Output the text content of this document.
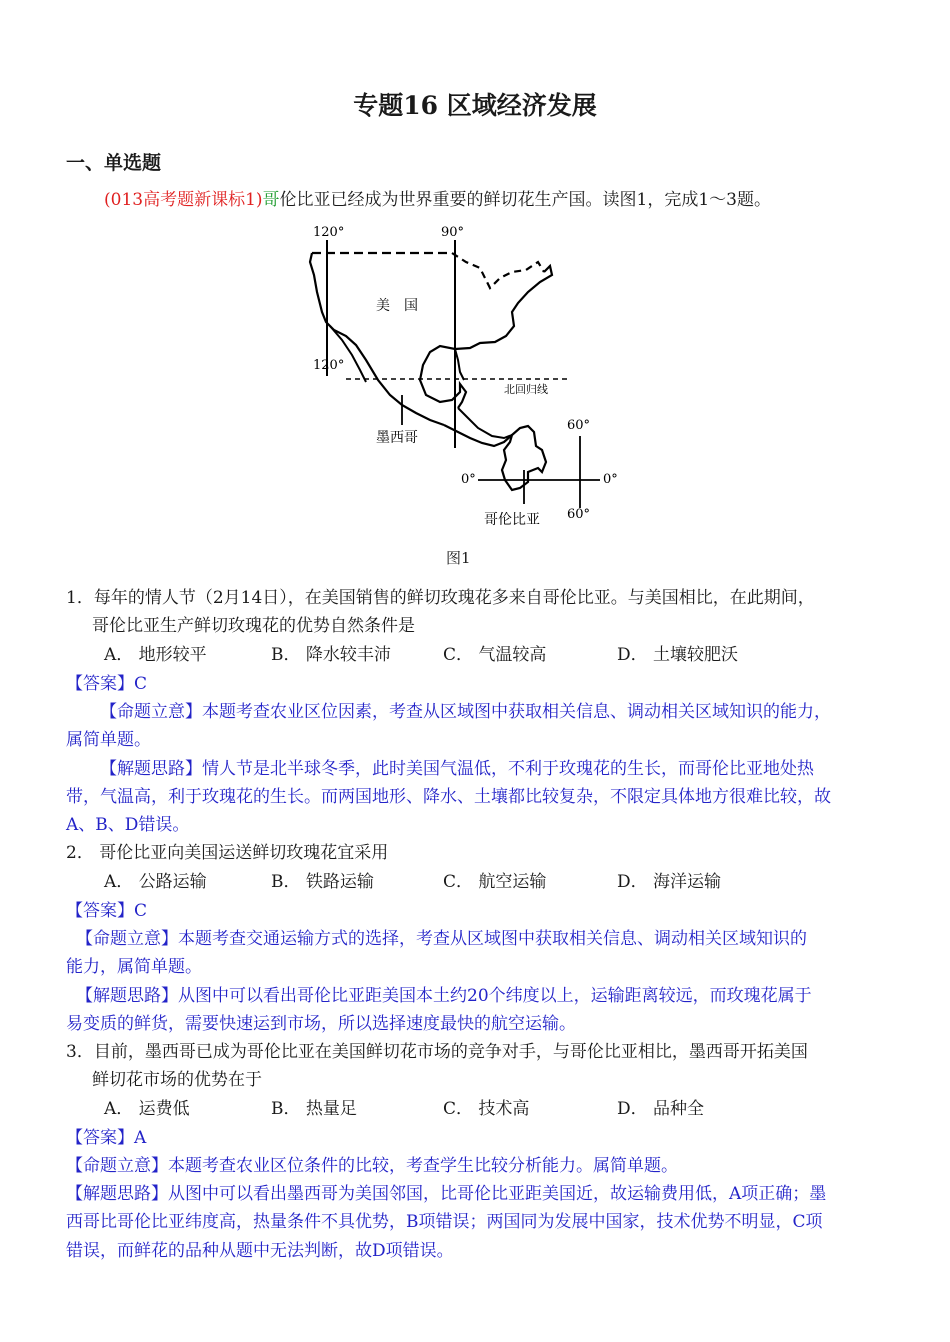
专题16 区域经济发展
一、单选题
(013高考题新课标1)哥伦比亚已经成为世界重要的鲜切花生产国。读图1，完成1～3题。
120°	90°
美　国
120°
北回归线
墨西哥
60°
0°	0°
哥伦比亚 60°
图1
1．每年的情人节（2月14日），在美国销售的鲜切玫瑰花多来自哥伦比亚。与美国相比，在此期间，
哥伦比亚生产鲜切玫瑰花的优势自然条件是
A． 地形较平	B． 降水较丰沛	C． 气温较高	D． 土壤较肥沃
【答案】C
【命题立意】本题考查农业区位因素，考查从区域图中获取相关信息、调动相关区域知识的能力，
属简单题。
【解题思路】情人节是北半球冬季，此时美国气温低，不利于玫瑰花的生长，而哥伦比亚地处热
带，气温高，利于玫瑰花的生长。而两国地形、降水、土壤都比较复杂，不限定具体地方很难比较，故
A、B、D错误。
2． 哥伦比亚向美国运送鲜切玫瑰花宜采用
A． 公路运输	B． 铁路运输	C． 航空运输	D． 海洋运输
【答案】C
【命题立意】本题考查交通运输方式的选择，考查从区域图中获取相关信息、调动相关区域知识的
能力，属简单题。
【解题思路】从图中可以看出哥伦比亚距美国本土约20个纬度以上，运输距离较远，而玫瑰花属于
易变质的鲜货，需要快速运到市场，所以选择速度最快的航空运输。
3．目前，墨西哥已成为哥伦比亚在美国鲜切花市场的竞争对手，与哥伦比亚相比，墨西哥开拓美国
鲜切花市场的优势在于
A． 运费低	B． 热量足	C． 技术高	D． 品种全
【答案】A
【命题立意】本题考查农业区位条件的比较，考查学生比较分析能力。属简单题。
【解题思路】从图中可以看出墨西哥为美国邻国，比哥伦比亚距美国近，故运输费用低，A项正确；墨
西哥比哥伦比亚纬度高，热量条件不具优势，B项错误；两国同为发展中国家，技术优势不明显，C项
错误，而鲜花的品种从题中无法判断，故D项错误。
